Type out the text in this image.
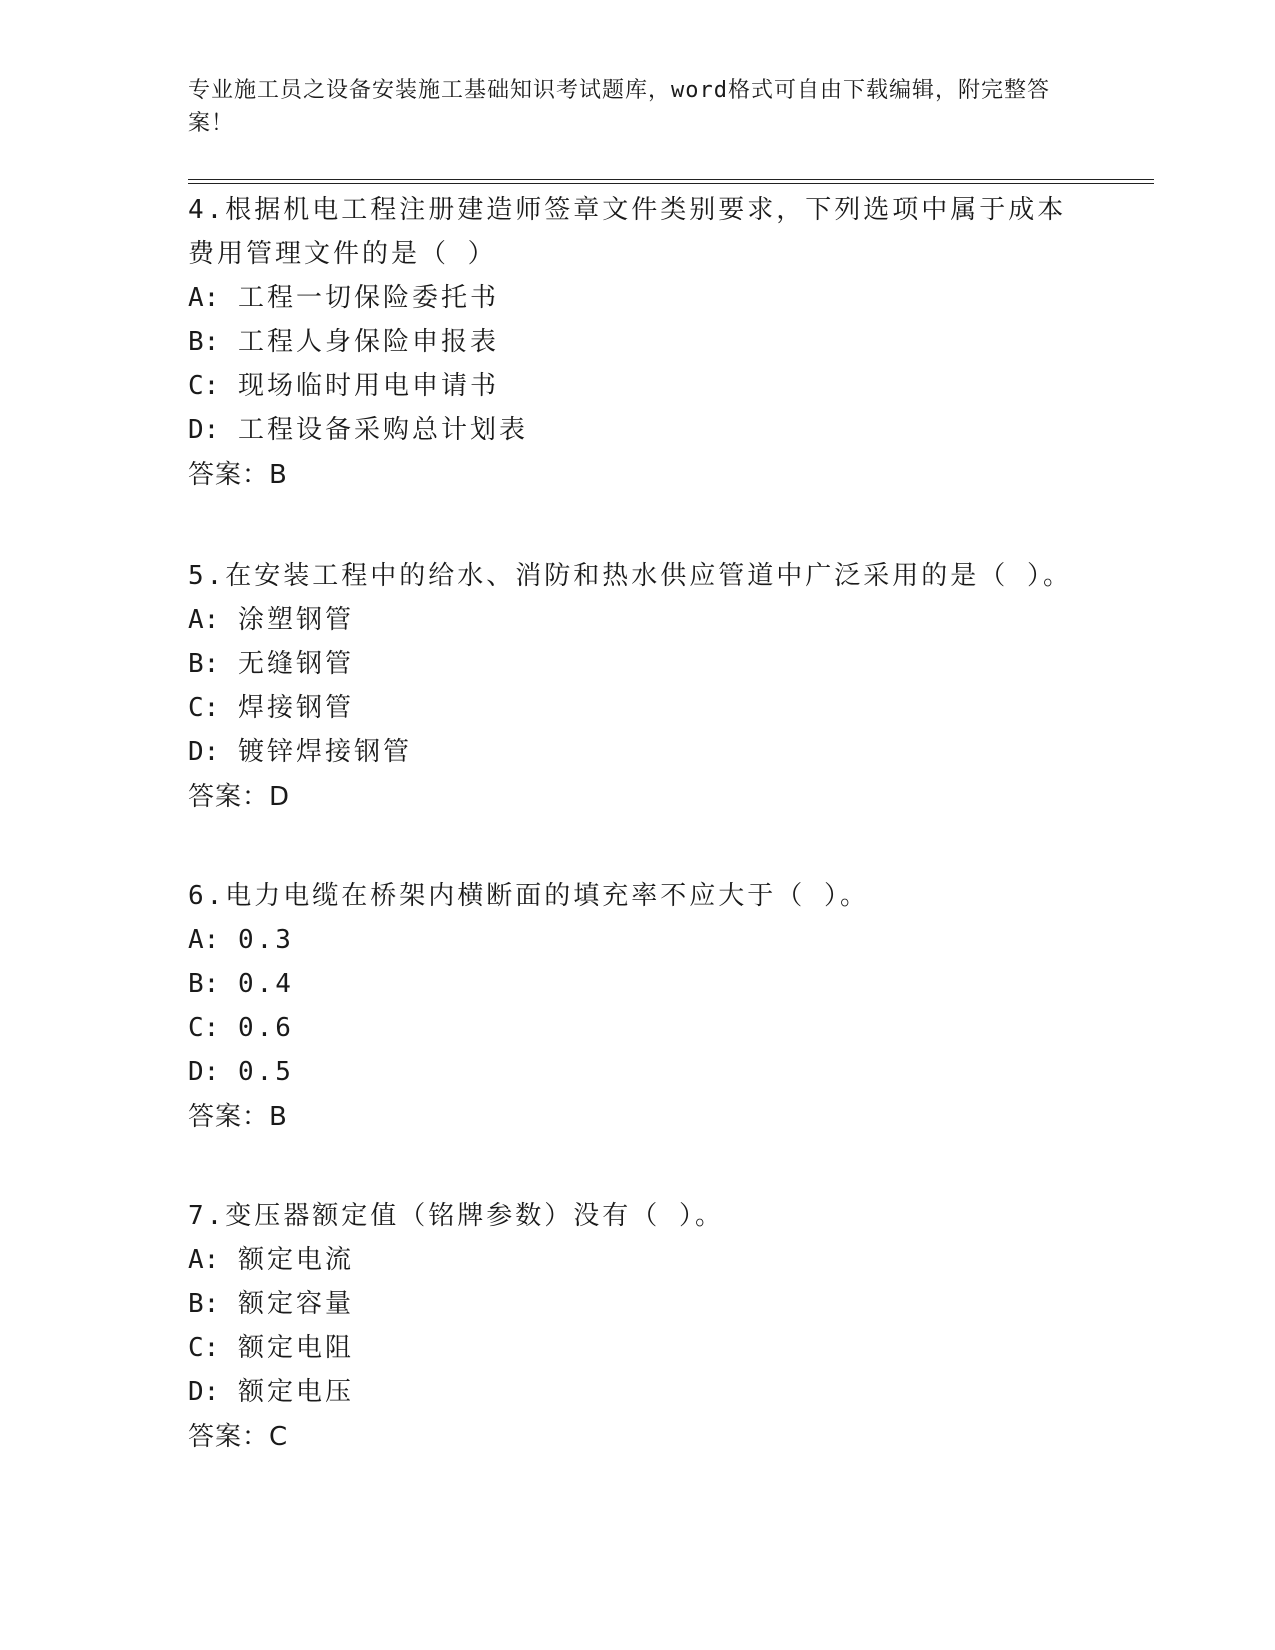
专业施工员之设备安装施工基础知识考试题库，word格式可自由下载编辑，附完整答案！

4.根据机电工程注册建造师签章文件类别要求，下列选项中属于成本费用管理文件的是（ ）

A: 工程一切保险委托书

B: 工程人身保险申报表

C: 现场临时用电申请书

D: 工程设备采购总计划表

答案：B

5.在安装工程中的给水、消防和热水供应管道中广泛采用的是（ ）。

A: 涂塑钢管

B: 无缝钢管

C: 焊接钢管

D: 镀锌焊接钢管

答案：D

6.电力电缆在桥架内横断面的填充率不应大于（ ）。

A: 0.3

B: 0.4

C: 0.6

D: 0.5

答案：B

7.变压器额定值（铭牌参数）没有（ ）。

A: 额定电流

B: 额定容量

C: 额定电阻

D: 额定电压

答案：C
